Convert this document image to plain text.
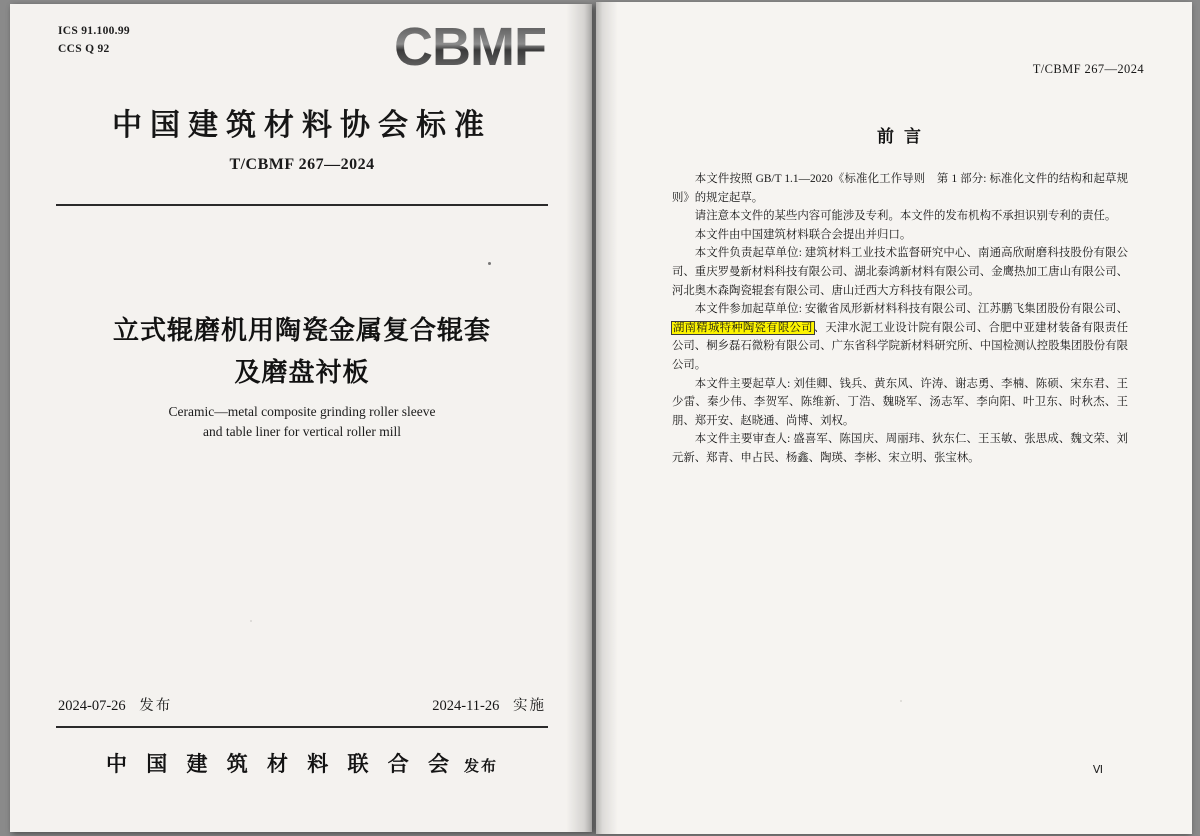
ICS 91.100.99
CCS Q 92	CBMF
中国建筑材料协会标准
T/CBMF 267—2024
立式辊磨机用陶瓷金属复合辊套
及磨盘衬板
Ceramic—metal composite grinding roller sleeve
and table liner for vertical roller mill
2024-07-26 发布	2024-11-26 实施
中 国 建 筑 材 料 联 合 会 发布
T/CBMF 267—2024
前言

本文件按照 GB/T 1.1—2020《标准化工作导则　第 1 部分: 标准化文件的结构和起草规则》的规定起草。

请注意本文件的某些内容可能涉及专利。本文件的发布机构不承担识别专利的责任。

本文件由中国建筑材料联合会提出并归口。

本文件负责起草单位: 建筑材料工业技术监督研究中心、南通高欣耐磨科技股份有限公司、重庆罗曼新材料科技有限公司、湖北泰鸿新材料有限公司、金鹰热加工唐山有限公司、河北奥木森陶瓷辊套有限公司、唐山迁西大方科技有限公司。

本文件参加起草单位: 安徽省凤形新材料科技有限公司、江苏鹏飞集团股份有限公司、湖南精城特种陶瓷有限公司、天津水泥工业设计院有限公司、合肥中亚建材装备有限责任公司、桐乡磊石微粉有限公司、广东省科学院新材料研究所、中国检测认控股集团股份有限公司。

本文件主要起草人: 刘佳卿、钱兵、黄东风、许涛、谢志勇、李楠、陈硕、宋东君、王少雷、秦少伟、李贺军、陈维新、丁浩、魏晓军、汤志军、李向阳、叶卫东、时秋杰、王朋、郑开安、赵晓通、尚博、刘权。

本文件主要审查人: 盛喜军、陈国庆、周丽玮、狄东仁、王玉敏、张思成、魏文荣、刘元新、郑青、申占民、杨鑫、陶瑛、李彬、宋立明、张宝林。

Ⅵ
